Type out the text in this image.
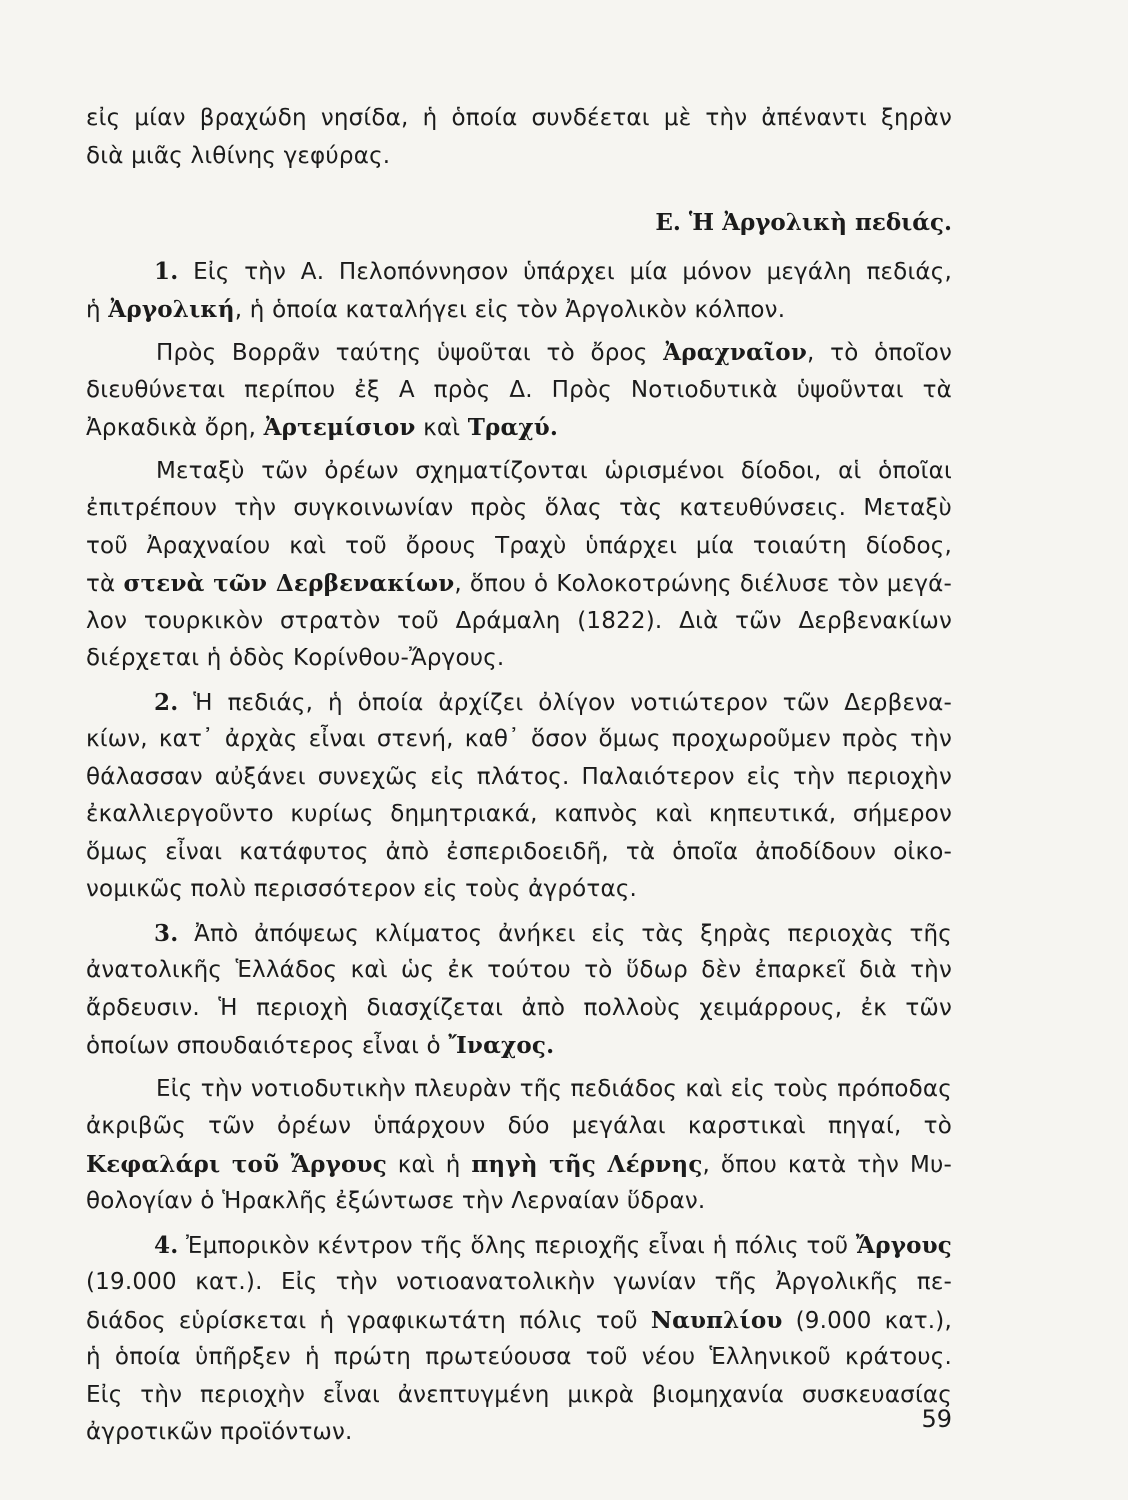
εἰς μίαν βραχώδη νησίδα, ἡ ὁποία συνδέεται μὲ τὴν ἀπέναντι ξηρὰν
διὰ μιᾶς λιθίνης γεφύρας.
Ε. Ἡ Ἀργολικὴ πεδιάς.
1. Εἰς τὴν Α. Πελοπόννησον ὑπάρχει μία μόνον μεγάλη πεδιάς,
ἡ Ἀργολική, ἡ ὁποία καταλήγει εἰς τὸν Ἀργολικὸν κόλπον.
Πρὸς Βορρᾶν ταύτης ὑψοῦται τὸ ὄρος Ἀραχναῖον, τὸ ὁποῖον
διευθύνεται περίπου ἐξ Α πρὸς Δ. Πρὸς Νοτιοδυτικὰ ὑψοῦνται τὰ
Ἀρκαδικὰ ὄρη, Ἀρτεμίσιον καὶ Τραχύ.
Μεταξὺ τῶν ὀρέων σχηματίζονται ὡρισμένοι δίοδοι, αἱ ὁποῖαι
ἐπιτρέπουν τὴν συγκοινωνίαν πρὸς ὅλας τὰς κατευθύνσεις. Μεταξὺ
τοῦ Ἀραχναίου καὶ τοῦ ὄρους Τραχὺ ὑπάρχει μία τοιαύτη δίοδος,
τὰ στενὰ τῶν Δερβενακίων, ὅπου ὁ Κολοκοτρώνης διέλυσε τὸν μεγά-
λον τουρκικὸν στρατὸν τοῦ Δράμαλη (1822). Διὰ τῶν Δερβενακίων
διέρχεται ἡ ὁδὸς Κορίνθου-Ἄργους.
2. Ἡ πεδιάς, ἡ ὁποία ἀρχίζει ὀλίγον νοτιώτερον τῶν Δερβενα-
κίων, κατ᾽ ἀρχὰς εἶναι στενή, καθ᾽ ὅσον ὅμως προχωροῦμεν πρὸς τὴν
θάλασσαν αὐξάνει συνεχῶς εἰς πλάτος. Παλαιότερον εἰς τὴν περιοχὴν
ἐκαλλιεργοῦντο κυρίως δημητριακά, καπνὸς καὶ κηπευτικά, σήμερον
ὅμως εἶναι κατάφυτος ἀπὸ ἐσπεριδοειδῆ, τὰ ὁποῖα ἀποδίδουν οἰκο-
νομικῶς πολὺ περισσότερον εἰς τοὺς ἀγρότας.
3. Ἀπὸ ἀπόψεως κλίματος ἀνήκει εἰς τὰς ξηρὰς περιοχὰς τῆς
ἀνατολικῆς Ἑλλάδος καὶ ὡς ἐκ τούτου τὸ ὕδωρ δὲν ἐπαρκεῖ διὰ τὴν
ἄρδευσιν. Ἡ περιοχὴ διασχίζεται ἀπὸ πολλοὺς χειμάρρους, ἐκ τῶν
ὁποίων σπουδαιότερος εἶναι ὁ Ἴναχος.
Εἰς τὴν νοτιοδυτικὴν πλευρὰν τῆς πεδιάδος καὶ εἰς τοὺς πρόποδας
ἀκριβῶς τῶν ὀρέων ὑπάρχουν δύο μεγάλαι καρστικαὶ πηγαί, τὸ
Κεφαλάρι τοῦ Ἄργους καὶ ἡ πηγὴ τῆς Λέρνης, ὅπου κατὰ τὴν Μυ-
θολογίαν ὁ Ἡρακλῆς ἐξώντωσε τὴν Λερναίαν ὕδραν.
4. Ἐμπορικὸν κέντρον τῆς ὅλης περιοχῆς εἶναι ἡ πόλις τοῦ Ἄργους
(19.000 κατ.). Εἰς τὴν νοτιοανατολικὴν γωνίαν τῆς Ἀργολικῆς πε-
διάδος εὑρίσκεται ἡ γραφικωτάτη πόλις τοῦ Ναυπλίου (9.000 κατ.),
ἡ ὁποία ὑπῆρξεν ἡ πρώτη πρωτεύουσα τοῦ νέου Ἑλληνικοῦ κράτους.
Εἰς τὴν περιοχὴν εἶναι ἀνεπτυγμένη μικρὰ βιομηχανία συσκευασίας
ἀγροτικῶν προϊόντων.	59
